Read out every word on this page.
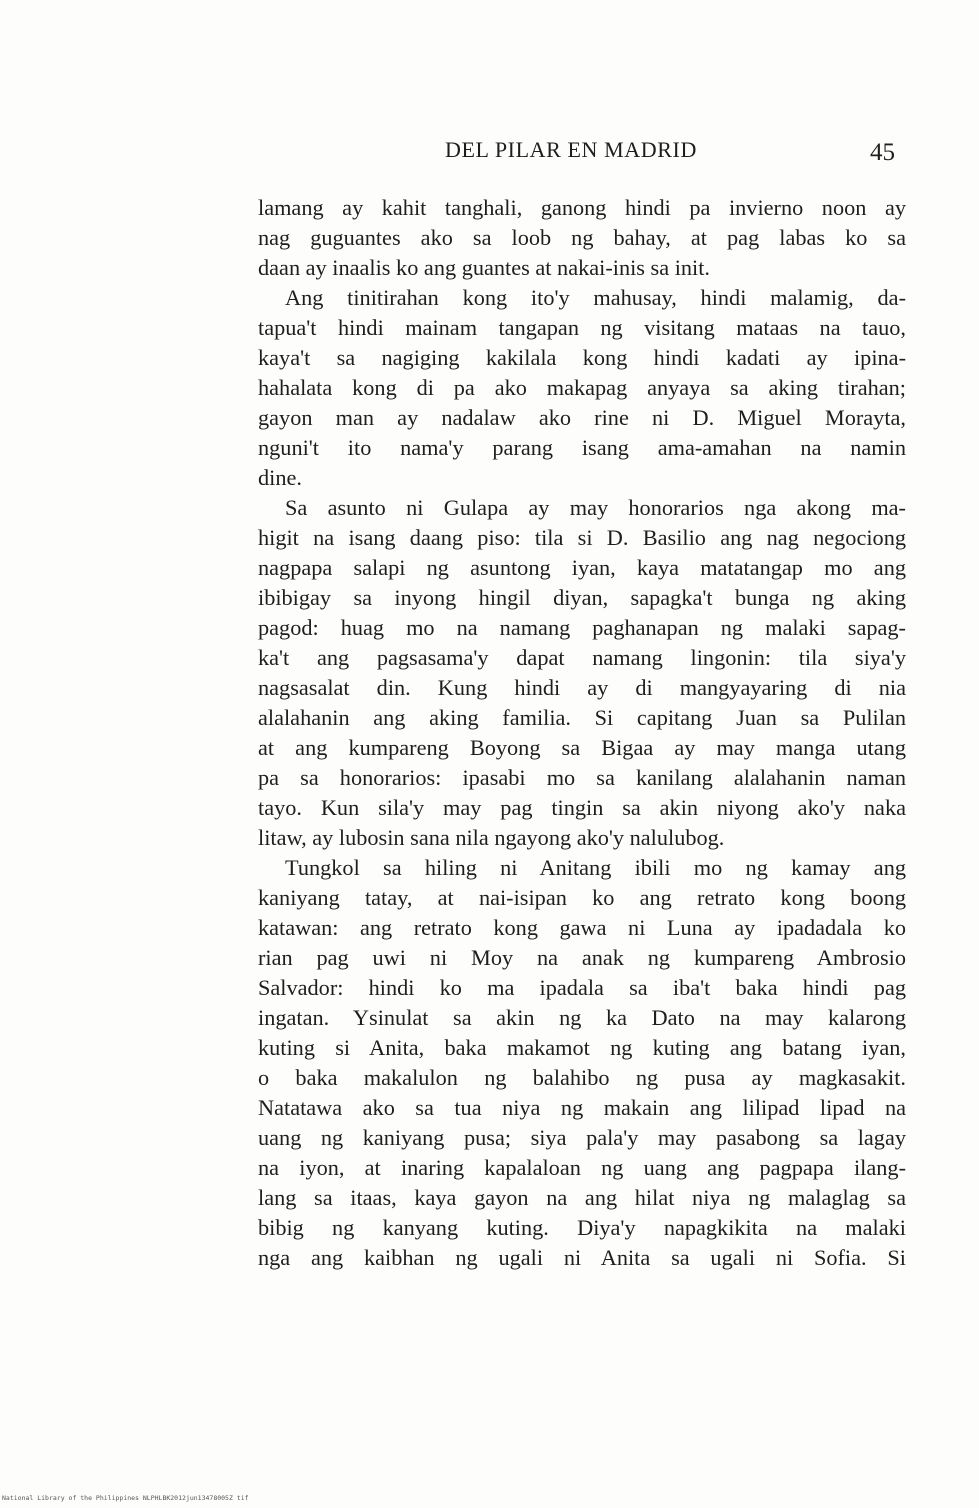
DEL PILAR EN MADRID	45
lamang ay kahit tanghali, ganong hindi pa invierno noon ay
nag guguantes ako sa loob ng bahay, at pag labas ko sa
daan ay inaalis ko ang guantes at nakai-inis sa init.
Ang tinitirahan kong ito'y mahusay, hindi malamig, da-
tapua't hindi mainam tangapan ng visitang mataas na tauo,
kaya't sa nagiging kakilala kong hindi kadati ay ipina-
hahalata kong di pa ako makapag anyaya sa aking tirahan;
gayon man ay nadalaw ako rine ni D. Miguel Morayta,
nguni't ito nama'y parang isang ama-amahan na namin
dine.
Sa asunto ni Gulapa ay may honorarios nga akong ma-
higit na isang daang piso: tila si D. Basilio ang nag negociong
nagpapa salapi ng asuntong iyan, kaya matatangap mo ang
ibibigay sa inyong hingil diyan, sapagka't bunga ng aking
pagod: huag mo na namang paghanapan ng malaki sapag-
ka't ang pagsasama'y dapat namang lingonin: tila siya'y
nagsasalat din. Kung hindi ay di mangyayaring di nia
alalahanin ang aking familia. Si capitang Juan sa Pulilan
at ang kumpareng Boyong sa Bigaa ay may manga utang
pa sa honorarios: ipasabi mo sa kanilang alalahanin naman
tayo. Kun sila'y may pag tingin sa akin niyong ako'y naka
litaw, ay lubosin sana nila ngayong ako'y nalulubog.
Tungkol sa hiling ni Anitang ibili mo ng kamay ang
kaniyang tatay, at nai-isipan ko ang retrato kong boong
katawan: ang retrato kong gawa ni Luna ay ipadadala ko
rian pag uwi ni Moy na anak ng kumpareng Ambrosio
Salvador: hindi ko ma ipadala sa iba't baka hindi pag
ingatan. Ysinulat sa akin ng ka Dato na may kalarong
kuting si Anita, baka makamot ng kuting ang batang iyan,
o baka makalulon ng balahibo ng pusa ay magkasakit.
Natatawa ako sa tua niya ng makain ang lilipad lipad na
uang ng kaniyang pusa; siya pala'y may pasabong sa lagay
na iyon, at inaring kapalaloan ng uang ang pagpapa ilang-
lang sa itaas, kaya gayon na ang hilat niya ng malaglag sa
bibig ng kanyang kuting. Diya'y napagkikita na malaki
nga ang kaibhan ng ugali ni Anita sa ugali ni Sofia. Si
National Library of the Philippines NLPHLBK2012jun13478005Z tif
